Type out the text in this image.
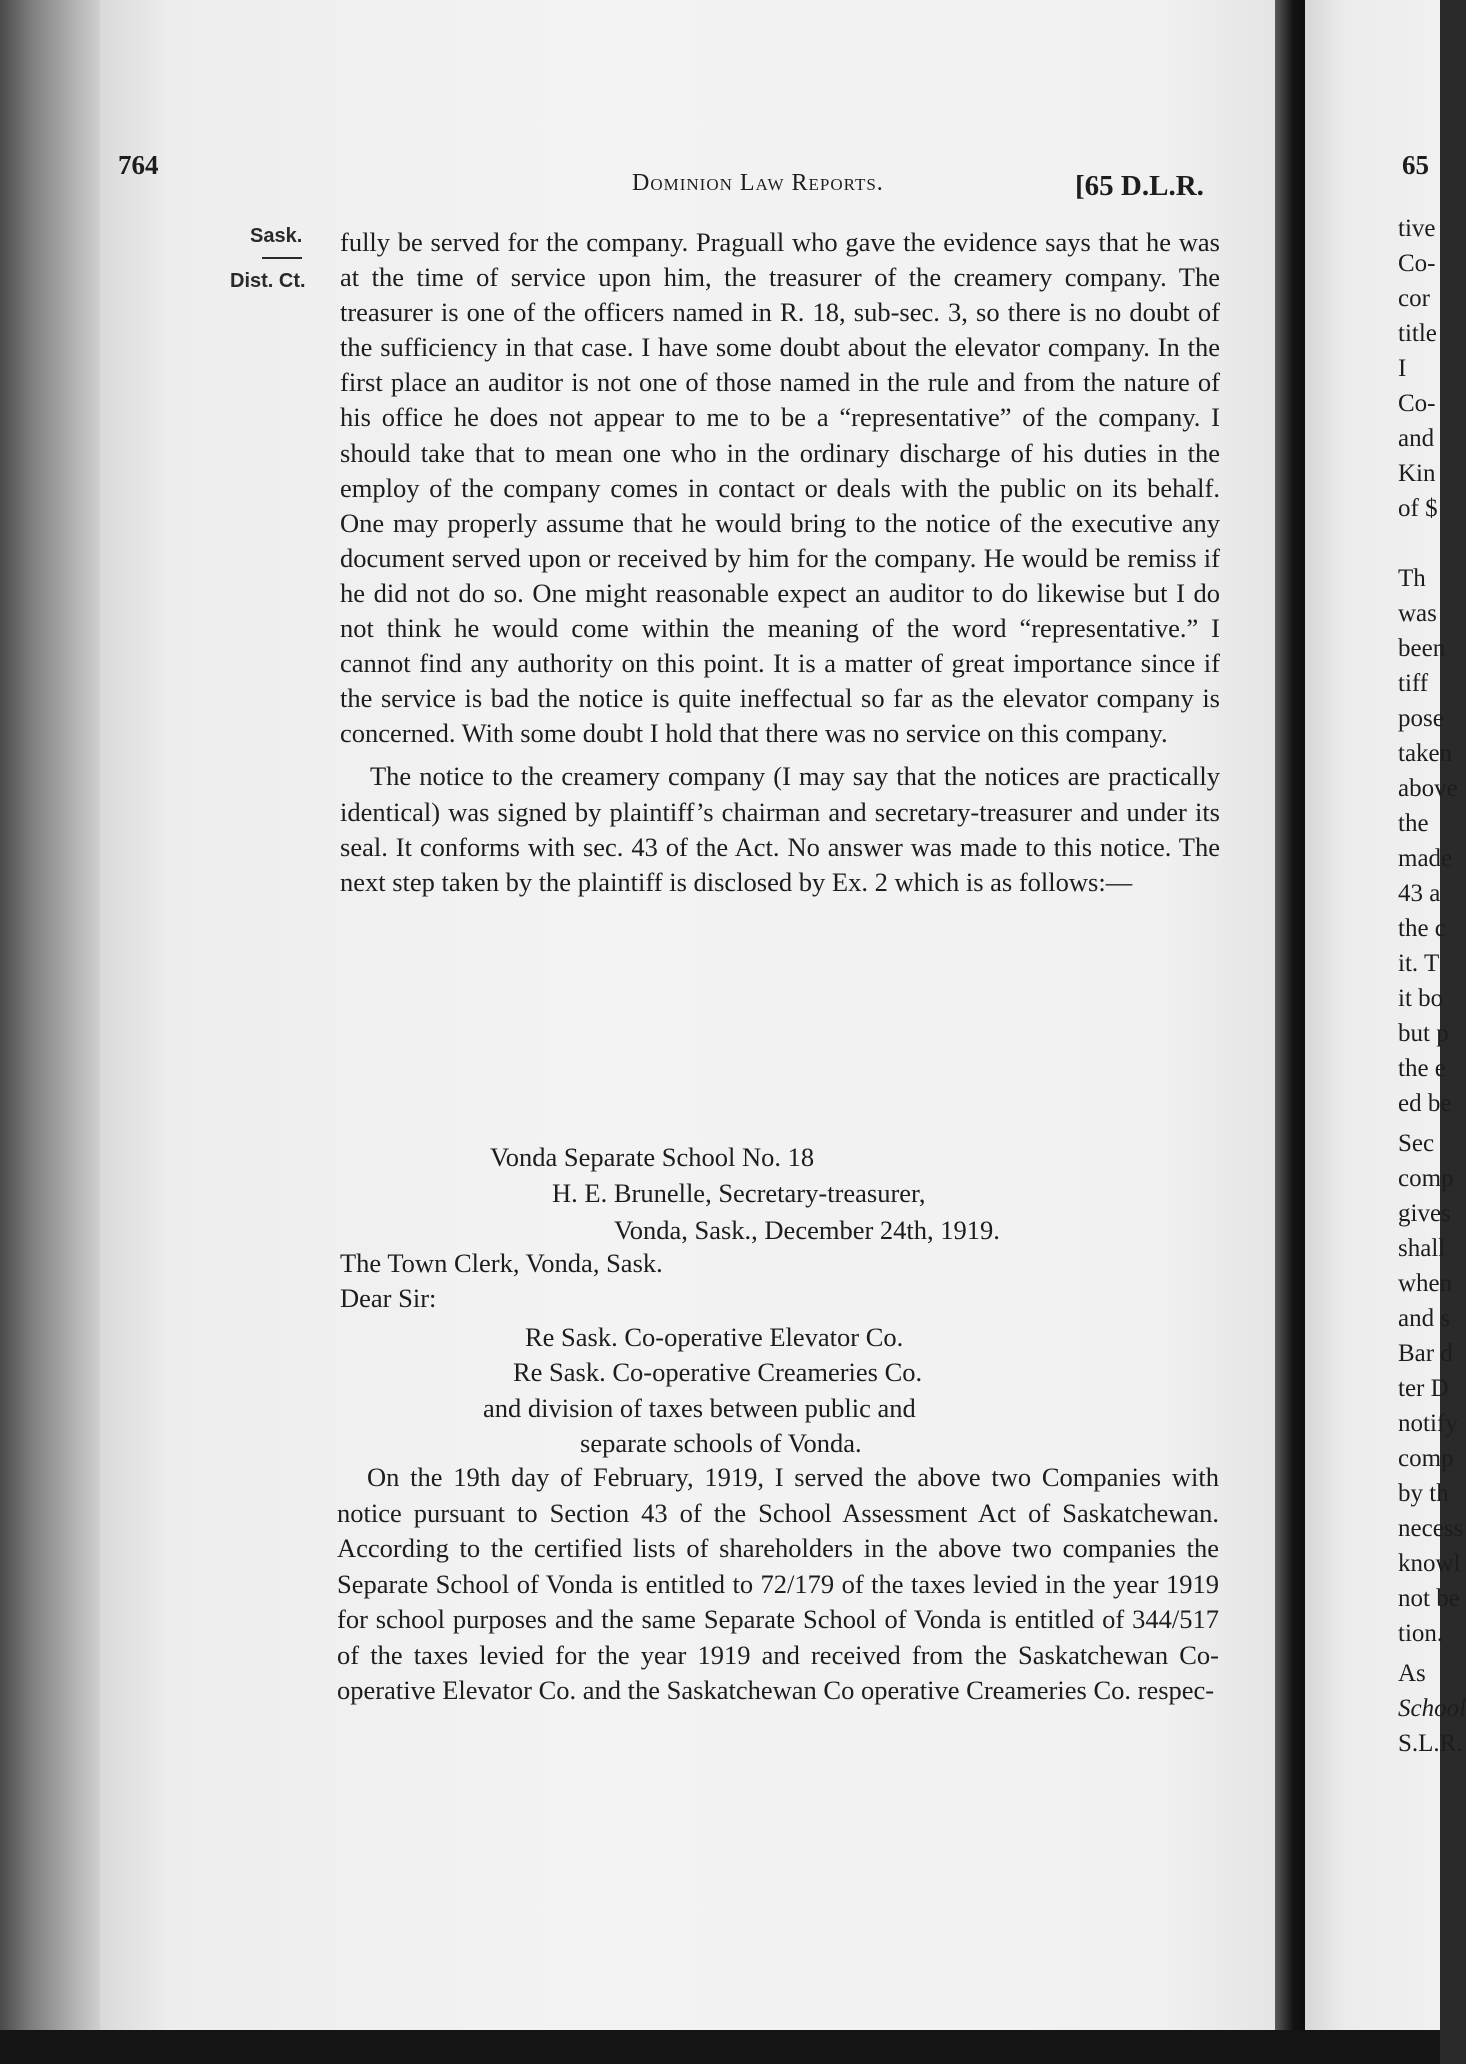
764
Dominion Law Reports.	[65 D.L.R.
Sask.
Dist. Ct.

fully be served for the company. Praguall who gave the evidence says that he was at the time of service upon him, the treasurer of the creamery company. The treasurer is one of the officers named in R. 18, sub-sec. 3, so there is no doubt of the sufficiency in that case. I have some doubt about the elevator company. In the first place an auditor is not one of those named in the rule and from the nature of his office he does not appear to me to be a “representative” of the company. I should take that to mean one who in the ordinary discharge of his duties in the employ of the company comes in contact or deals with the public on its behalf. One may properly assume that he would bring to the notice of the executive any document served upon or received by him for the company. He would be remiss if he did not do so. One might reasonable expect an auditor to do likewise but I do not think he would come within the meaning of the word “representative.” I cannot find any authority on this point. It is a matter of great importance since if the service is bad the notice is quite ineffectual so far as the elevator company is concerned. With some doubt I hold that there was no service on this company.

The notice to the creamery company (I may say that the notices are practically identical) was signed by plaintiff’s chairman and secretary-treasurer and under its seal. It conforms with sec. 43 of the Act. No answer was made to this notice. The next step taken by the plaintiff is disclosed by Ex. 2 which is as follows:—

Vonda Separate School No. 18
H. E. Brunelle, Secretary-treasurer,
Vonda, Sask., December 24th, 1919.
The Town Clerk, Vonda, Sask.
Dear Sir:
Re Sask. Co-operative Elevator Co.
Re Sask. Co-operative Creameries Co.
and division of taxes between public and
separate schools of Vonda.
On the 19th day of February, 1919, I served the above two Companies with notice pursuant to Section 43 of the School Assessment Act of Saskatchewan. According to the certified lists of shareholders in the above two companies the Separate School of Vonda is entitled to 72/179 of the taxes levied in the year 1919 for school purposes and the same Separate School of Vonda is entitled of 344/517 of the taxes levied for the year 1919 and received from the Saskatchewan Co-operative Elevator Co. and the Saskatchewan Co operative Creameries Co. respec-
65
tive
Co-
cor
title
I
Co-
and
Kin
of $
Th
was
been
tiff
pose
taken
above
the
made
43 a
the c
it. T
it bo
but p
the e
ed be
Sec
comp
gives
shall
when
and s
Bar d
ter D
notify
comp
by th
necess
knowl
not be
tion.
As
School
S.L.R.
